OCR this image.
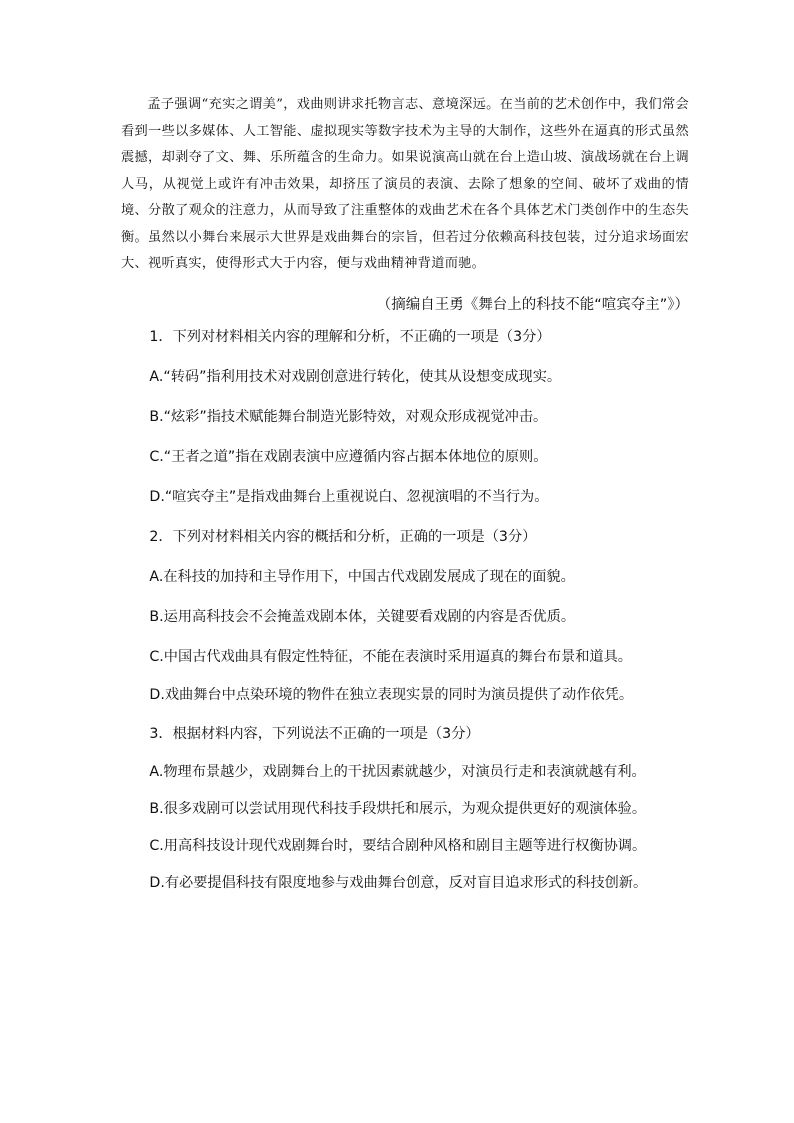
孟子强调“充实之谓美”，戏曲则讲求托物言志、意境深远。在当前的艺术创作中，我们常会看到一些以多媒体、人工智能、虚拟现实等数字技术为主导的大制作，这些外在逼真的形式虽然震撼，却剥夺了文、舞、乐所蕴含的生命力。如果说演高山就在台上造山坡、演战场就在台上调人马，从视觉上或许有冲击效果，却挤压了演员的表演、去除了想象的空间、破坏了戏曲的情境、分散了观众的注意力，从而导致了注重整体的戏曲艺术在各个具体艺术门类创作中的生态失衡。虽然以小舞台来展示大世界是戏曲舞台的宗旨，但若过分依赖高科技包装，过分追求场面宏大、视听真实，使得形式大于内容，便与戏曲精神背道而驰。

（摘编自王勇《舞台上的科技不能“喧宾夺主”》）

1．下列对材料相关内容的理解和分析，不正确的一项是（3分）

A.“转码”指利用技术对戏剧创意进行转化，使其从设想变成现实。

B.“炫彩”指技术赋能舞台制造光影特效，对观众形成视觉冲击。

C.“王者之道”指在戏剧表演中应遵循内容占据本体地位的原则。

D.“喧宾夺主”是指戏曲舞台上重视说白、忽视演唱的不当行为。

2．下列对材料相关内容的概括和分析，正确的一项是（3分）

A.在科技的加持和主导作用下，中国古代戏剧发展成了现在的面貌。

B.运用高科技会不会掩盖戏剧本体，关键要看戏剧的内容是否优质。

C.中国古代戏曲具有假定性特征，不能在表演时采用逼真的舞台布景和道具。

D.戏曲舞台中点染环境的物件在独立表现实景的同时为演员提供了动作依凭。

3．根据材料内容，下列说法不正确的一项是（3分）

A.物理布景越少，戏剧舞台上的干扰因素就越少，对演员行走和表演就越有利。

B.很多戏剧可以尝试用现代科技手段烘托和展示，为观众提供更好的观演体验。

C.用高科技设计现代戏剧舞台时，要结合剧种风格和剧目主题等进行权衡协调。

D.有必要提倡科技有限度地参与戏曲舞台创意，反对盲目追求形式的科技创新。
